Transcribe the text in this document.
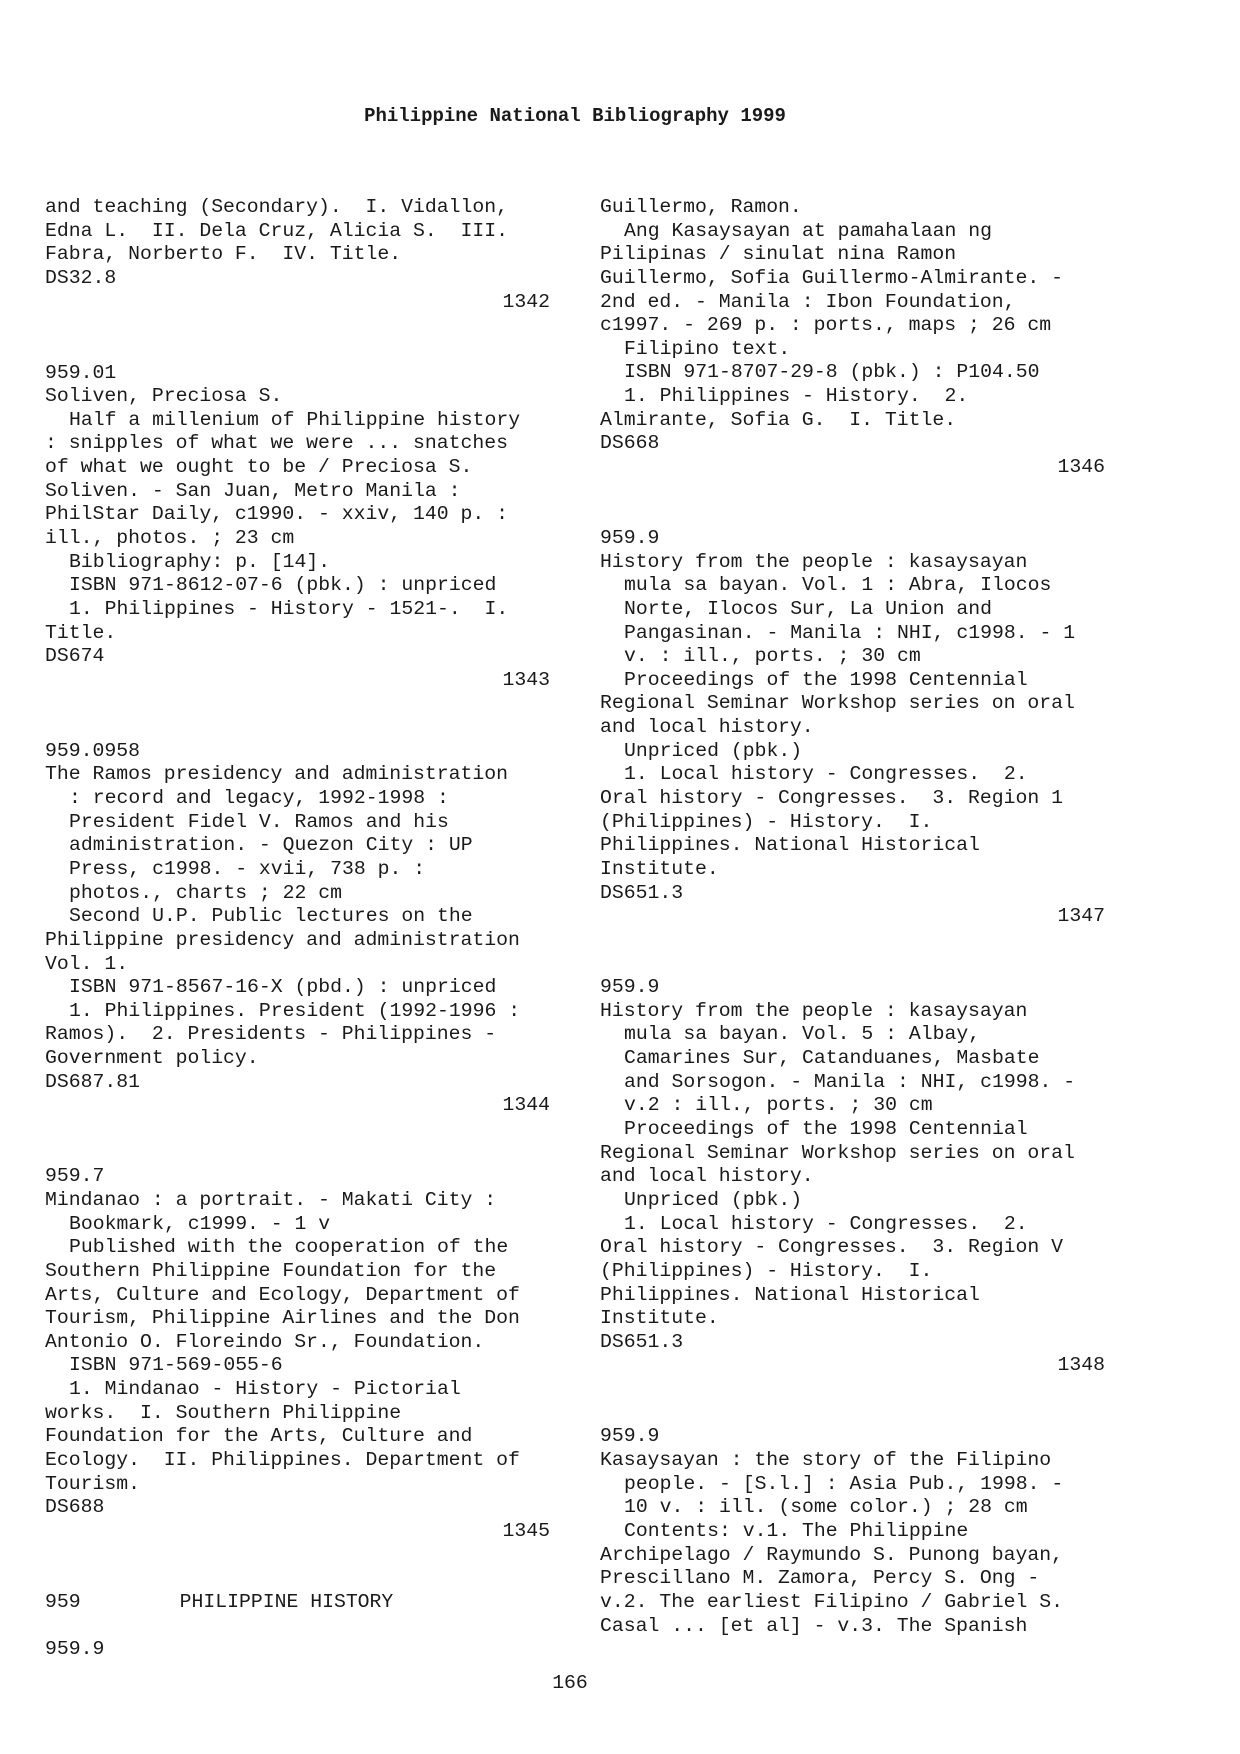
Philippine National Bibliography 1999
and teaching (Secondary).  I. Vidallon,
Edna L.  II. Dela Cruz, Alicia S.  III.
Fabra, Norberto F.  IV. Title.
DS32.8
1342
959.01
Soliven, Preciosa S.
Half a millenium of Philippine history
: snipples of what we were ... snatches
of what we ought to be / Preciosa S.
Soliven. - San Juan, Metro Manila :
PhilStar Daily, c1990. - xxiv, 140 p. :
ill., photos. ; 23 cm
Bibliography: p. [14].
ISBN 971-8612-07-6 (pbk.) : unpriced
1. Philippines - History - 1521-.  I.
Title.
DS674
1343
959.0958
The Ramos presidency and administration
: record and legacy, 1992-1998 :
President Fidel V. Ramos and his
administration. - Quezon City : UP
Press, c1998. - xvii, 738 p. :
photos., charts ; 22 cm
Second U.P. Public lectures on the
Philippine presidency and administration
Vol. 1.
ISBN 971-8567-16-X (pbd.) : unpriced
1. Philippines. President (1992-1996 :
Ramos).  2. Presidents - Philippines -
Government policy.
DS687.81
1344
959.7
Mindanao : a portrait. - Makati City :
Bookmark, c1999. - 1 v
Published with the cooperation of the
Southern Philippine Foundation for the
Arts, Culture and Ecology, Department of
Tourism, Philippine Airlines and the Don
Antonio O. Floreindo Sr., Foundation.
ISBN 971-569-055-6
1. Mindanao - History - Pictorial
works.  I. Southern Philippine
Foundation for the Arts, Culture and
Ecology.  II. Philippines. Department of
Tourism.
DS688
1345
959	PHILIPPINE HISTORY
959.9
Guillermo, Ramon.
Ang Kasaysayan at pamahalaan ng
Pilipinas / sinulat nina Ramon
Guillermo, Sofia Guillermo-Almirante. -
2nd ed. - Manila : Ibon Foundation,
c1997. - 269 p. : ports., maps ; 26 cm
Filipino text.
ISBN 971-8707-29-8 (pbk.) : P104.50
1. Philippines - History.  2.
Almirante, Sofia G.  I. Title.
DS668
1346
959.9
History from the people : kasaysayan
mula sa bayan. Vol. 1 : Abra, Ilocos
Norte, Ilocos Sur, La Union and
Pangasinan. - Manila : NHI, c1998. - 1
v. : ill., ports. ; 30 cm
Proceedings of the 1998 Centennial
Regional Seminar Workshop series on oral
and local history.
Unpriced (pbk.)
1. Local history - Congresses.  2.
Oral history - Congresses.  3. Region 1
(Philippines) - History.  I.
Philippines. National Historical
Institute.
DS651.3
1347
959.9
History from the people : kasaysayan
mula sa bayan. Vol. 5 : Albay,
Camarines Sur, Catanduanes, Masbate
and Sorsogon. - Manila : NHI, c1998. -
v.2 : ill., ports. ; 30 cm
Proceedings of the 1998 Centennial
Regional Seminar Workshop series on oral
and local history.
Unpriced (pbk.)
1. Local history - Congresses.  2.
Oral history - Congresses.  3. Region V
(Philippines) - History.  I.
Philippines. National Historical
Institute.
DS651.3
1348
959.9
Kasaysayan : the story of the Filipino
people. - [S.l.] : Asia Pub., 1998. -
10 v. : ill. (some color.) ; 28 cm
Contents: v.1. The Philippine
Archipelago / Raymundo S. Punong bayan,
Prescillano M. Zamora, Percy S. Ong -
v.2. The earliest Filipino / Gabriel S.
Casal ... [et al] - v.3. The Spanish
166
